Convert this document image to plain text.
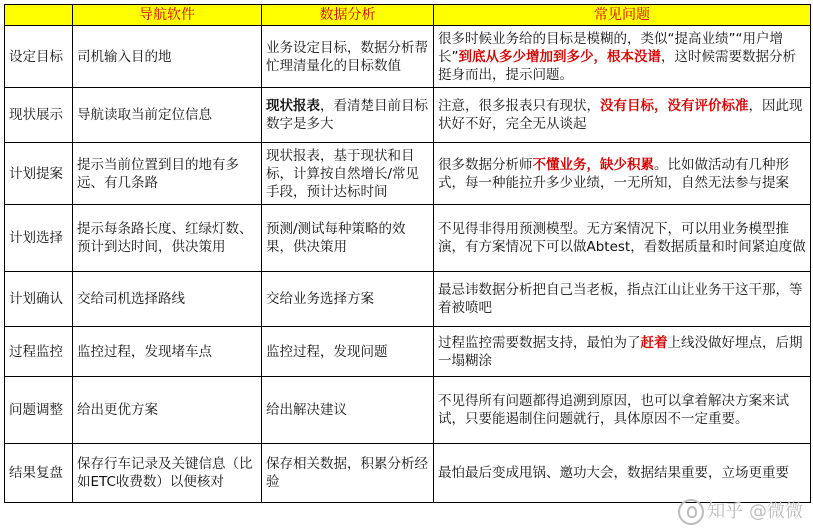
	导航软件	数据分析	常见问题
设定目标	司机输入目的地	业务设定目标，数据分析帮忙理清量化的目标数值	很多时候业务给的目标是模糊的，类似“提高业绩”“用户增长”到底从多少增加到多少，根本没谱，这时候需要数据分析挺身而出，提示问题。
现状展示	导航读取当前定位信息	现状报表，看清楚目前目标数字是多大	注意，很多报表只有现状，没有目标，没有评价标准，因此现状好不好，完全无从谈起
计划提案	提示当前位置到目的地有多远、有几条路	现状报表，基于现状和目标，计算按自然增长/常见手段，预计达标时间	很多数据分析师不懂业务，缺少积累。比如做活动有几种形式，每一种能拉升多少业绩，一无所知，自然无法参与提案
计划选择	提示每条路长度、红绿灯数、预计到达时间，供决策用	预测/测试每种策略的效果，供决策用	不见得非得用预测模型。无方案情况下，可以用业务模型推演，有方案情况下可以做Abtest，看数据质量和时间紧迫度做
计划确认	交给司机选择路线	交给业务选择方案	最忌讳数据分析把自己当老板，指点江山让业务干这干那，等着被喷吧
过程监控	监控过程，发现堵车点	监控过程，发现问题	过程监控需要数据支持，最怕为了赶着上线没做好埋点，后期一塌糊涂
问题调整	给出更优方案	给出解决建议	不见得所有问题都得追溯到原因，也可以拿着解决方案来试试，只要能遏制住问题就行，具体原因不一定重要。
结果复盘	保存行车记录及关键信息（比如ETC收费数）以便核对	保存相关数据，积累分析经验	最怕最后变成甩锅、邀功大会，数据结果重要，立场更重要
知乎 @微微
